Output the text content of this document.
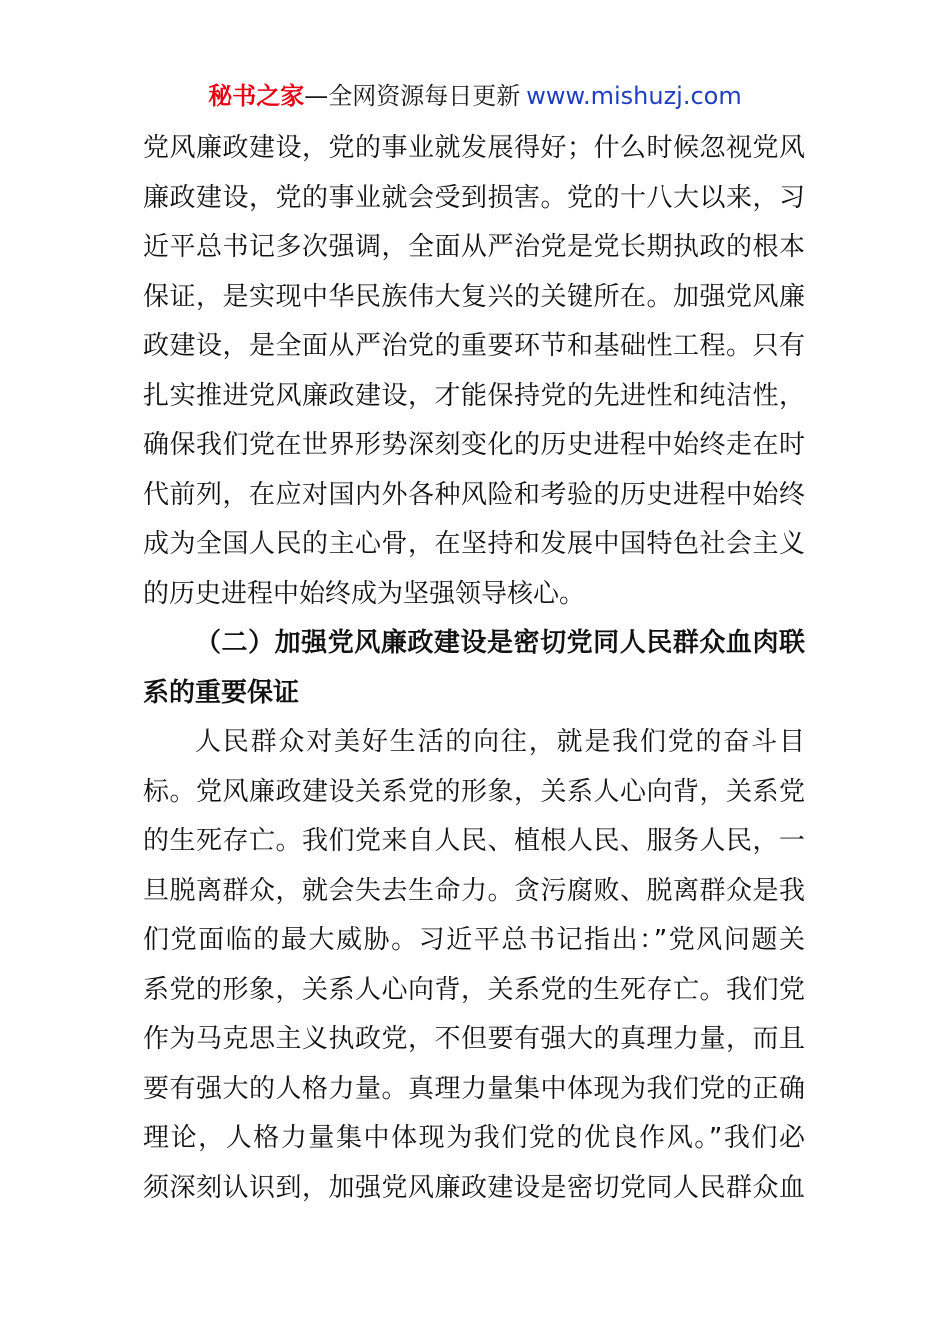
秘书之家—全网资源每日更新 www.mishuzj.com
党风廉政建设，党的事业就发展得好；什么时候忽视党风
廉政建设，党的事业就会受到损害。党的十八大以来，习
近平总书记多次强调，全面从严治党是党长期执政的根本
保证，是实现中华民族伟大复兴的关键所在。加强党风廉
政建设，是全面从严治党的重要环节和基础性工程。只有
扎实推进党风廉政建设，才能保持党的先进性和纯洁性，
确保我们党在世界形势深刻变化的历史进程中始终走在时
代前列，在应对国内外各种风险和考验的历史进程中始终
成为全国人民的主心骨，在坚持和发展中国特色社会主义
的历史进程中始终成为坚强领导核心。
（二）加强党风廉政建设是密切党同人民群众血肉联
系的重要保证
人民群众对美好生活的向往，就是我们党的奋斗目
标。党风廉政建设关系党的形象，关系人心向背，关系党
的生死存亡。我们党来自人民、植根人民、服务人民，一
旦脱离群众，就会失去生命力。贪污腐败、脱离群众是我
们党面临的最大威胁。习近平总书记指出：”党风问题关
系党的形象，关系人心向背，关系党的生死存亡。我们党
作为马克思主义执政党，不但要有强大的真理力量，而且
要有强大的人格力量。真理力量集中体现为我们党的正确
理论，人格力量集中体现为我们党的优良作风。”我们必
须深刻认识到，加强党风廉政建设是密切党同人民群众血
